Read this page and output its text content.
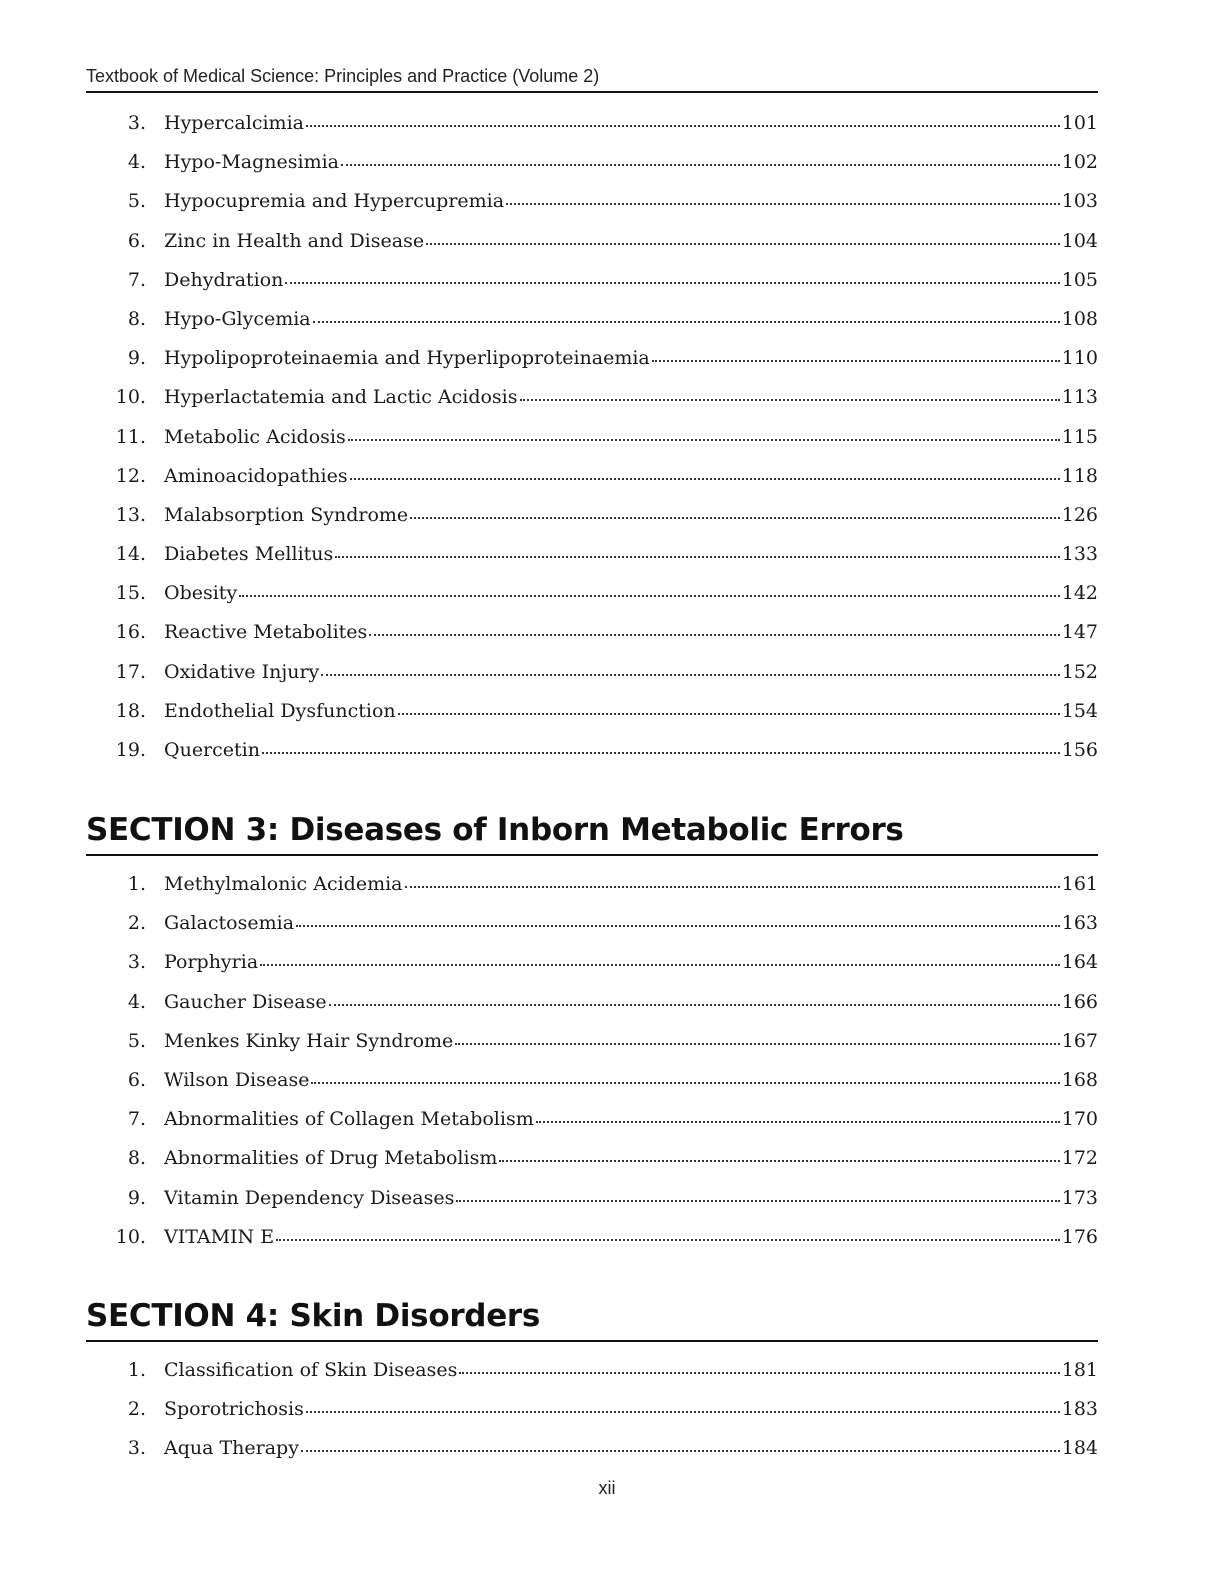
Textbook of Medical Science: Principles and Practice (Volume 2)
3. Hypercalcimia	101
4. Hypo-Magnesimia	102
5. Hypocupremia and Hypercupremia	103
6. Zinc in Health and Disease	104
7. Dehydration	105
8. Hypo-Glycemia	108
9. Hypolipoproteinaemia and Hyperlipoproteinaemia	110
10. Hyperlactatemia and Lactic Acidosis	113
11. Metabolic Acidosis	115
12. Aminoacidopathies	118
13. Malabsorption Syndrome	126
14. Diabetes Mellitus	133
15. Obesity	142
16. Reactive Metabolites	147
17. Oxidative Injury	152
18. Endothelial Dysfunction	154
19. Quercetin	156
SECTION 3: Diseases of Inborn Metabolic Errors
1. Methylmalonic Acidemia	161
2. Galactosemia	163
3. Porphyria	164
4. Gaucher Disease	166
5. Menkes Kinky Hair Syndrome	167
6. Wilson Disease	168
7. Abnormalities of Collagen Metabolism	170
8. Abnormalities of Drug Metabolism	172
9. Vitamin Dependency Diseases	173
10. VITAMIN E	176
SECTION 4: Skin Disorders
1. Classification of Skin Diseases	181
2. Sporotrichosis	183
3. Aqua Therapy	184
xii
